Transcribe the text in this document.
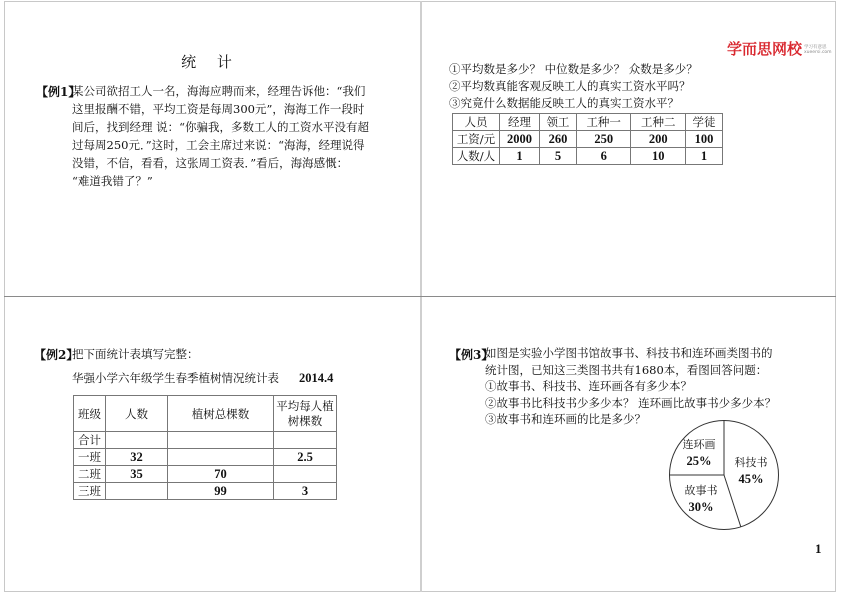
统 计
【例1】
某公司欲招工人一名，海海应聘而来，经理告诉他：“我们
这里报酬不错，平均工资是每周300元”，海海工作一段时
间后，找到经理 说：“你骗我，多数工人的工资水平没有超
过每周250元．”这时，工会主席过来说：“海海，经理说得
没错，不信，看看，这张周工资表．”看后，海海感慨：
“难道我错了？”
学而思网校 学习有意思
xueersi.com
①平均数是多少？ 中位数是多少？ 众数是多少？
②平均数真能客观反映工人的真实工资水平吗？
③究竟什么数据能反映工人的真实工资水平？
人员	经理	领工	工种一	工种二	学徒
工资/元	2000	260	250	200	100
人数/人	1	5	6	10	1
【例2】
把下面统计表填写完整：
华强小学六年级学生春季植树情况统计表 2014.4
班级	人数	植树总棵数	平均每人植
树棵数
合计			
一班	32		2.5
二班	35	70	
三班		99	3
【例3】
如图是实验小学图书馆故事书、科技书和连环画类图书的
统计图，已知这三类图书共有1680本，看图回答问题：
①故事书、科技书、连环画各有多少本？
②故事书比科技书少多少本？ 连环画比故事书少多少本？
③故事书和连环画的比是多少？
连环画
25%	科技书
45%
故事书
30%
1
